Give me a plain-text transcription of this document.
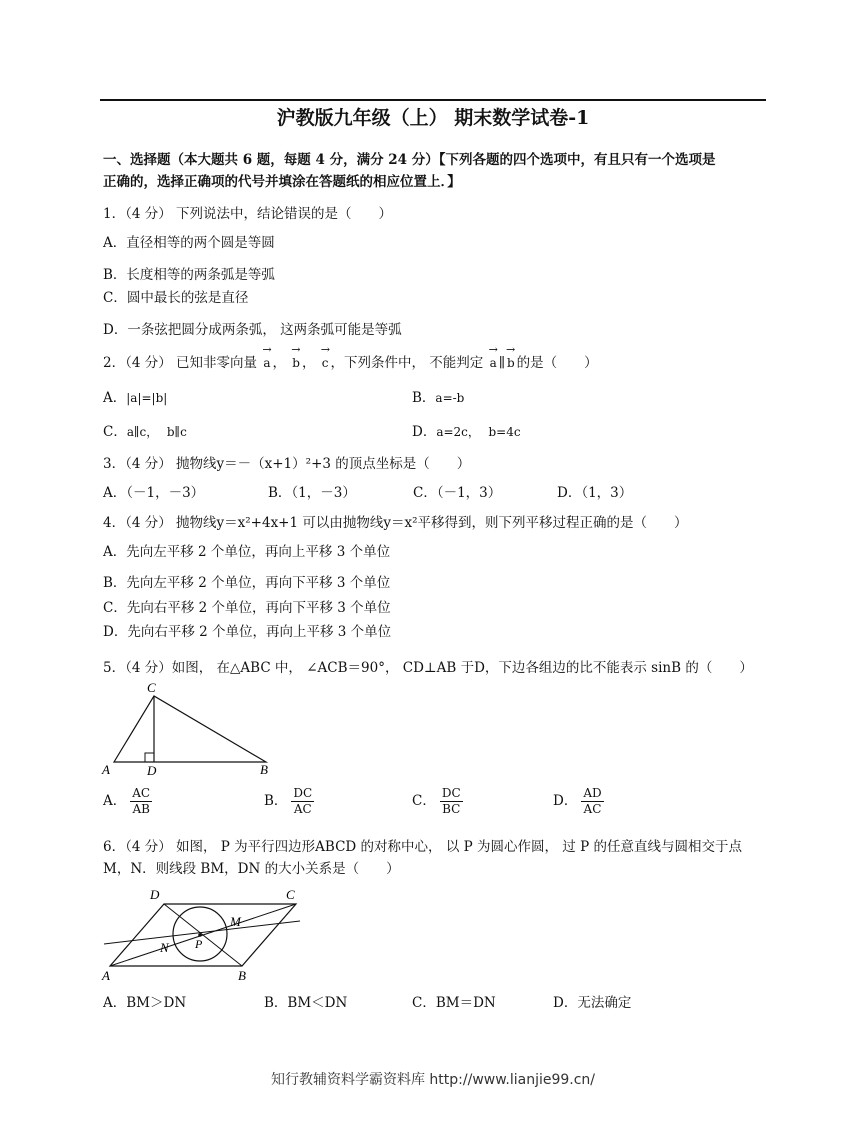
沪教版九年级（上） 期末数学试卷-1
一、选择题（本大题共 6 题，每题 4 分，满分 24 分）【下列各题的四个选项中，有且只有一个选项是
正确的，选择正确项的代号并填涂在答题纸的相应位置上．】
1．（4 分） 下列说法中，结论错误的是（　　）
A．直径相等的两个圆是等圆
B．长度相等的两条弧是等弧
C．圆中最长的弦是直径
D．一条弦把圆分成两条弧， 这两条弧可能是等弧
2．（4 分） 已知非零向量 → a ， → b ， → c ，下列条件中， 不能判定 → a ∥ → b 的是（　　）
A．|a|=|b|	B．a=-b
C．a∥c， b∥c	D．a=2c， b=4c
3．（4 分） 抛物线y＝－（x+1）²+3 的顶点坐标是（　　）
A．（－1，－3）	B．（1，－3）	C．（－1，3）	D．（1，3）
4．（4 分） 抛物线y＝x²+4x+1 可以由抛物线y＝x²平移得到，则下列平移过程正确的是（　　）
A．先向左平移 2 个单位，再向上平移 3 个单位
B．先向左平移 2 个单位，再向下平移 3 个单位
C．先向右平移 2 个单位，再向下平移 3 个单位
D．先向右平移 2 个单位，再向上平移 3 个单位
5．（4 分）如图， 在△ABC 中， ∠ACB＝90°， CD⊥AB 于D，下边各组边的比不能表示 sinB 的（　　）
C
A	D	B
A． $\frac{AC}{AB}$	B． $\frac{DC}{AC}$	C． $\frac{DC}{BC}$	D． $\frac{AD}{AC}$
6．（4 分） 如图， P 为平行四边形ABCD 的对称中心， 以 P 为圆心作圆， 过 P 的任意直线与圆相交于点
M，N．则线段 BM，DN 的大小关系是（　　）
D	C
A	B
M
N P
A．BM＞DN	B．BM＜DN	C．BM＝DN	D．无法确定
知行教辅资料学霸资料库 http://www.lianjie99.cn/
